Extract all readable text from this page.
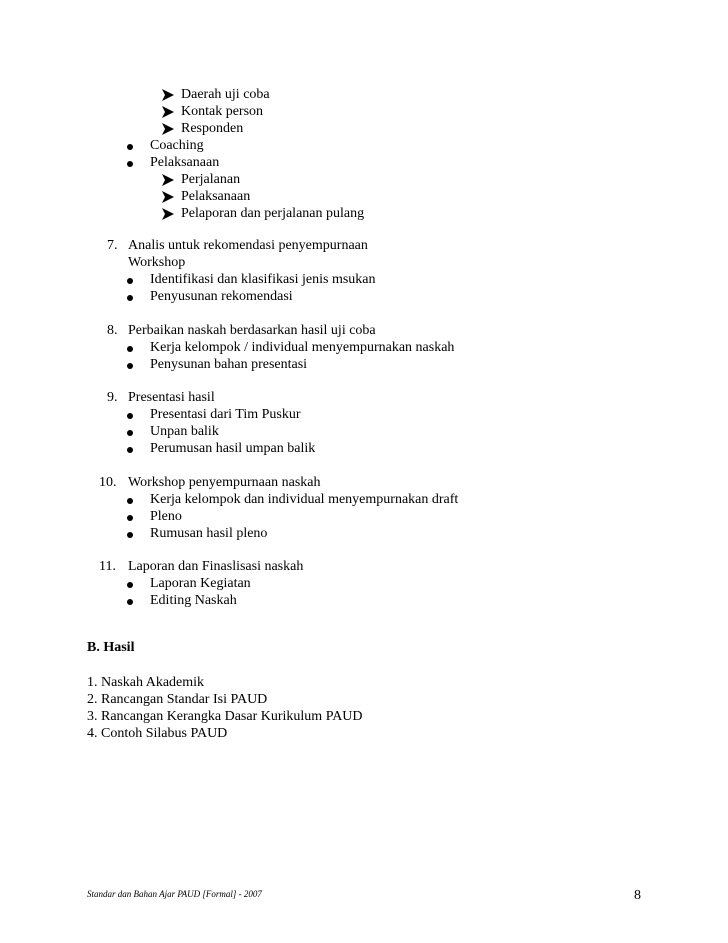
Daerah uji coba
Kontak person
Responden
Coaching
Pelaksanaan
Perjalanan
Pelaksanaan
Pelaporan dan perjalanan pulang
7. Analis untuk rekomendasi penyempurnaan
Workshop
Identifikasi dan klasifikasi jenis msukan
Penyusunan rekomendasi
8. Perbaikan naskah berdasarkan hasil uji coba
Kerja kelompok / individual menyempurnakan naskah
Penysunan bahan presentasi
9. Presentasi hasil
Presentasi dari Tim Puskur
Unpan balik
Perumusan hasil umpan balik
10. Workshop penyempurnaan naskah
Kerja kelompok dan individual menyempurnakan draft
Pleno
Rumusan hasil pleno
11. Laporan dan Finaslisasi naskah
Laporan Kegiatan
Editing Naskah
B. Hasil
1. Naskah Akademik
2. Rancangan Standar Isi PAUD
3. Rancangan Kerangka Dasar Kurikulum PAUD
4. Contoh Silabus PAUD
Standar dan Bahan Ajar PAUD [Formal] - 2007	8
